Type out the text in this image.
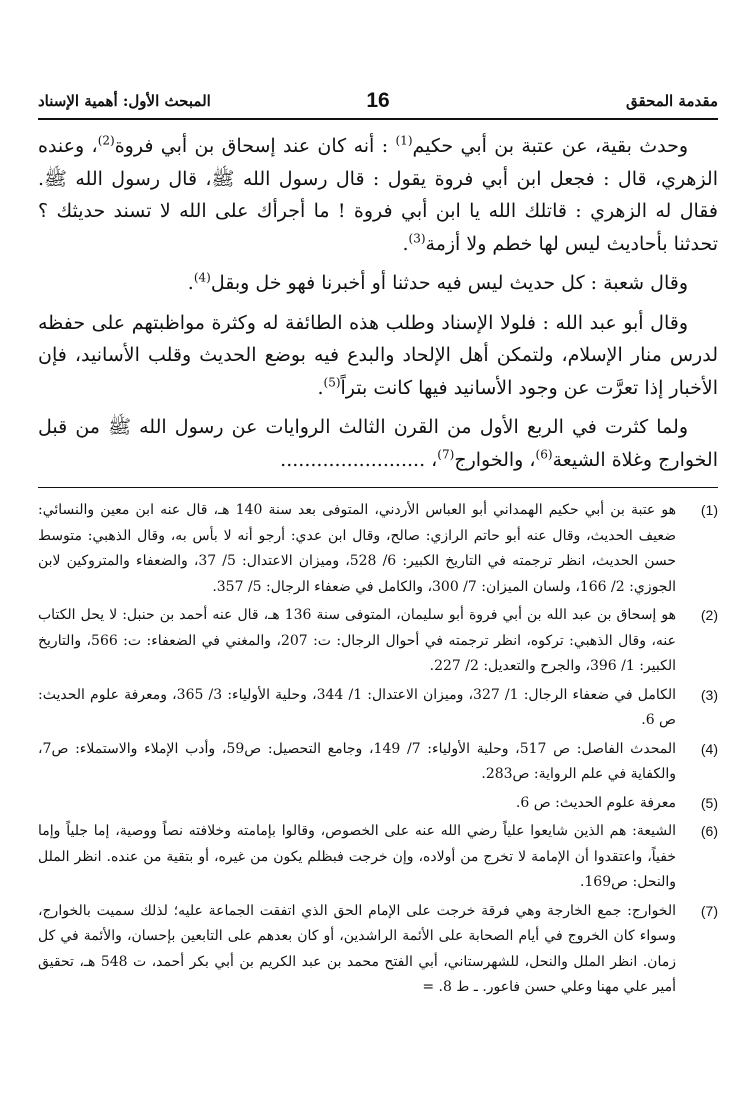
مقدمة المحقق
16
المبحث الأول: أهمية الإسناد

وحدث بقية، عن عتبة بن أبي حكيم$^{(1)}$ : أنه كان عند إسحاق بن أبي فروة$^{(2)}$، وعنده الزهري، قال : فجعل ابن أبي فروة يقول : قال رسول الله ﷺ، قال رسول الله ﷺ. فقال له الزهري : قاتلك الله يا ابن أبي فروة ! ما أجرأك على الله لا تسند حديثك ؟ تحدثنا بأحاديث ليس لها خطم ولا أزمة$^{(3)}$.

وقال شعبة : كل حديث ليس فيه حدثنا أو أخبرنا فهو خل وبقل$^{(4)}$.

وقال أبو عبد الله : فلولا الإسناد وطلب هذه الطائفة له وكثرة مواظبتهم على حفظه لدرس منار الإسلام، ولتمكن أهل الإلحاد والبدع فيه بوضع الحديث وقلب الأسانيد، فإن الأخبار إذا تعرَّت عن وجود الأسانيد فيها كانت بتراً$^{(5)}$.

ولما كثرت في الربع الأول من القرن الثالث الروايات عن رسول الله ﷺ من قبل الخوارج وغلاة الشيعة$^{(6)}$، والخوارج$^{(7)}$، ........................

(1)
هو عتبة بن أبي حكيم الهمداني أبو العباس الأردني، المتوفى بعد سنة 140 هـ، قال عنه ابن معين والنسائي: ضعيف الحديث، وقال عنه أبو حاتم الرازي: صالح، وقال ابن عدي: أرجو أنه لا بأس به، وقال الذهبي: متوسط حسن الحديث، انظر ترجمته في التاريخ الكبير: 6/ 528، وميزان الاعتدال: 5/ 37، والضعفاء والمتروكين لابن الجوزي: 2/ 166، ولسان الميزان: 7/ 300، والكامل في ضعفاء الرجال: 5/ 357.
(2)
هو إسحاق بن عبد الله بن أبي فروة أبو سليمان، المتوفى سنة 136 هـ، قال عنه أحمد بن حنبل: لا يحل الكتاب عنه، وقال الذهبي: تركوه، انظر ترجمته في أحوال الرجال: ت: 207، والمغني في الضعفاء: ت: 566، والتاريخ الكبير: 1/ 396، والجرح والتعديل: 2/ 227.
(3)
الكامل في ضعفاء الرجال: 1/ 327، وميزان الاعتدال: 1/ 344، وحلية الأولياء: 3/ 365، ومعرفة علوم الحديث: ص 6.
(4)
المحدث الفاصل: ص 517، وحلية الأولياء: 7/ 149، وجامع التحصيل: ص59، وأدب الإملاء والاستملاء: ص7، والكفاية في علم الرواية: ص283.
(5)
معرفة علوم الحديث: ص 6.
(6)
الشيعة: هم الذين شايعوا علياً رضي الله عنه على الخصوص، وقالوا بإمامته وخلافته نصاً ووصية، إما جلياً وإما خفياً، واعتقدوا أن الإمامة لا تخرج من أولاده، وإن خرجت فبظلم يكون من غيره، أو بتقية من عنده. انظر الملل والنحل: ص169.
(7)
الخوارج: جمع الخارجة وهي فرقة خرجت على الإمام الحق الذي اتفقت الجماعة عليه؛ لذلك سميت بالخوارج، وسواء كان الخروج في أيام الصحابة على الأئمة الراشدين، أو كان بعدهم على التابعين بإحسان، والأئمة في كل زمان. انظر الملل والنحل، للشهرستاني، أبي الفتح محمد بن عبد الكريم بن أبي بكر أحمد، ت 548 هـ، تحقيق أمير علي مهنا وعلي حسن فاعور. ـ ط 8. =
